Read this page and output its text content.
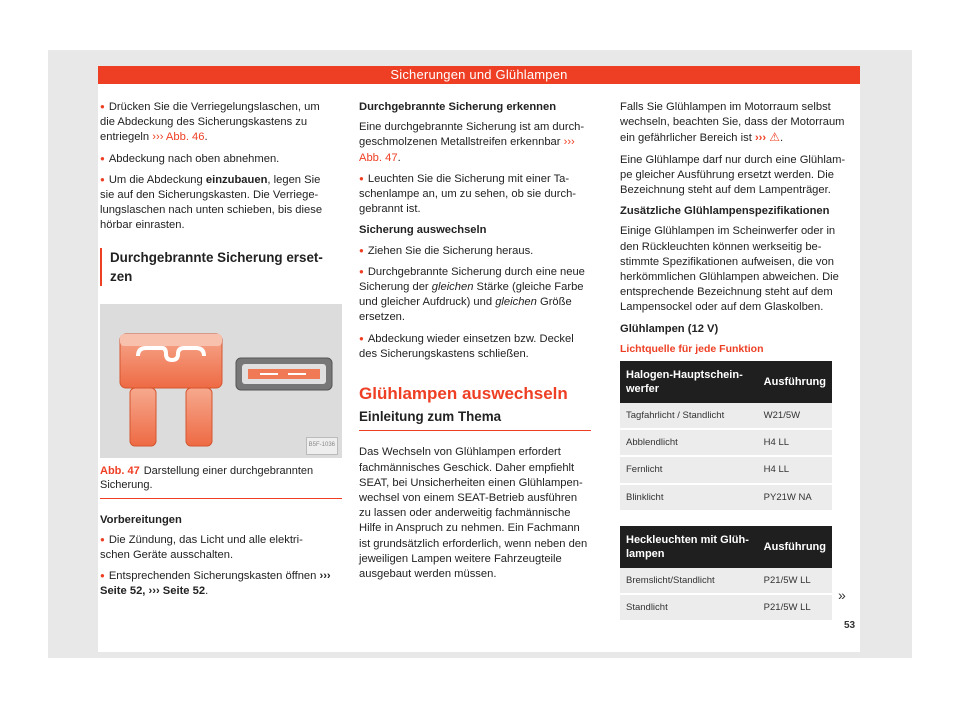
Sicherungen und Glühlampen

● Drücken Sie die Verriegelungslaschen, um die Abdeckung des Sicherungskastens zu entriegeln ››› Abb. 46.

● Abdeckung nach oben abnehmen.

● Um die Abdeckung einzubauen, legen Sie sie auf den Sicherungskasten. Die Verriege-lungslaschen nach unten schieben, bis diese hörbar einrasten.

Durchgebrannte Sicherung erset-zen
B5F-1036
Abb. 47 Darstellung einer durchgebrannten Sicherung.

Vorbereitungen

● Die Zündung, das Licht und alle elektri-schen Geräte ausschalten.

● Entsprechenden Sicherungskasten öffnen ››› Seite 52, ››› Seite 52.

Durchgebrannte Sicherung erkennen

Eine durchgebrannte Sicherung ist am durch-geschmolzenen Metallstreifen erkennbar ››› Abb. 47.

● Leuchten Sie die Sicherung mit einer Ta-schenlampe an, um zu sehen, ob sie durch-gebrannt ist.

Sicherung auswechseln

● Ziehen Sie die Sicherung heraus.

● Durchgebrannte Sicherung durch eine neue Sicherung der gleichen Stärke (gleiche Farbe und gleicher Aufdruck) und gleichen Größe ersetzen.

● Abdeckung wieder einsetzen bzw. Deckel des Sicherungskastens schließen.

Glühlampen auswechseln
Einleitung zum Thema

Das Wechseln von Glühlampen erfordert fachmännisches Geschick. Daher empfiehlt SEAT, bei Unsicherheiten einen Glühlampen-wechsel von einem SEAT-Betrieb ausführen zu lassen oder anderweitig fachmännische Hilfe in Anspruch zu nehmen. Ein Fachmann ist grundsätzlich erforderlich, wenn neben den jeweiligen Lampen weitere Fahrzeugteile ausgebaut werden müssen.

Falls Sie Glühlampen im Motorraum selbst wechseln, beachten Sie, dass der Motorraum ein gefährlicher Bereich ist ››› ⚠.

Eine Glühlampe darf nur durch eine Glühlam-pe gleicher Ausführung ersetzt werden. Die Bezeichnung steht auf dem Lampenträger.

Zusätzliche Glühlampenspezifikationen

Einige Glühlampen im Scheinwerfer oder in den Rückleuchten können werkseitig be-stimmte Spezifikationen aufweisen, die von herkömmlichen Glühlampen abweichen. Die entsprechende Bezeichnung steht auf dem Lampensockel oder auf dem Glaskolben.

Glühlampen (12 V)

Lichtquelle für jede Funktion
Halogen-Hauptschein-werfer	Ausführung
Tagfahrlicht / Standlicht	W21/5W
Abblendlicht	H4 LL
Fernlicht	H4 LL
Blinklicht	PY21W NA
Heckleuchten mit Glüh-lampen	Ausführung
Bremslicht/Standlicht	P21/5W LL
Standlicht	P21/5W LL
»
53
